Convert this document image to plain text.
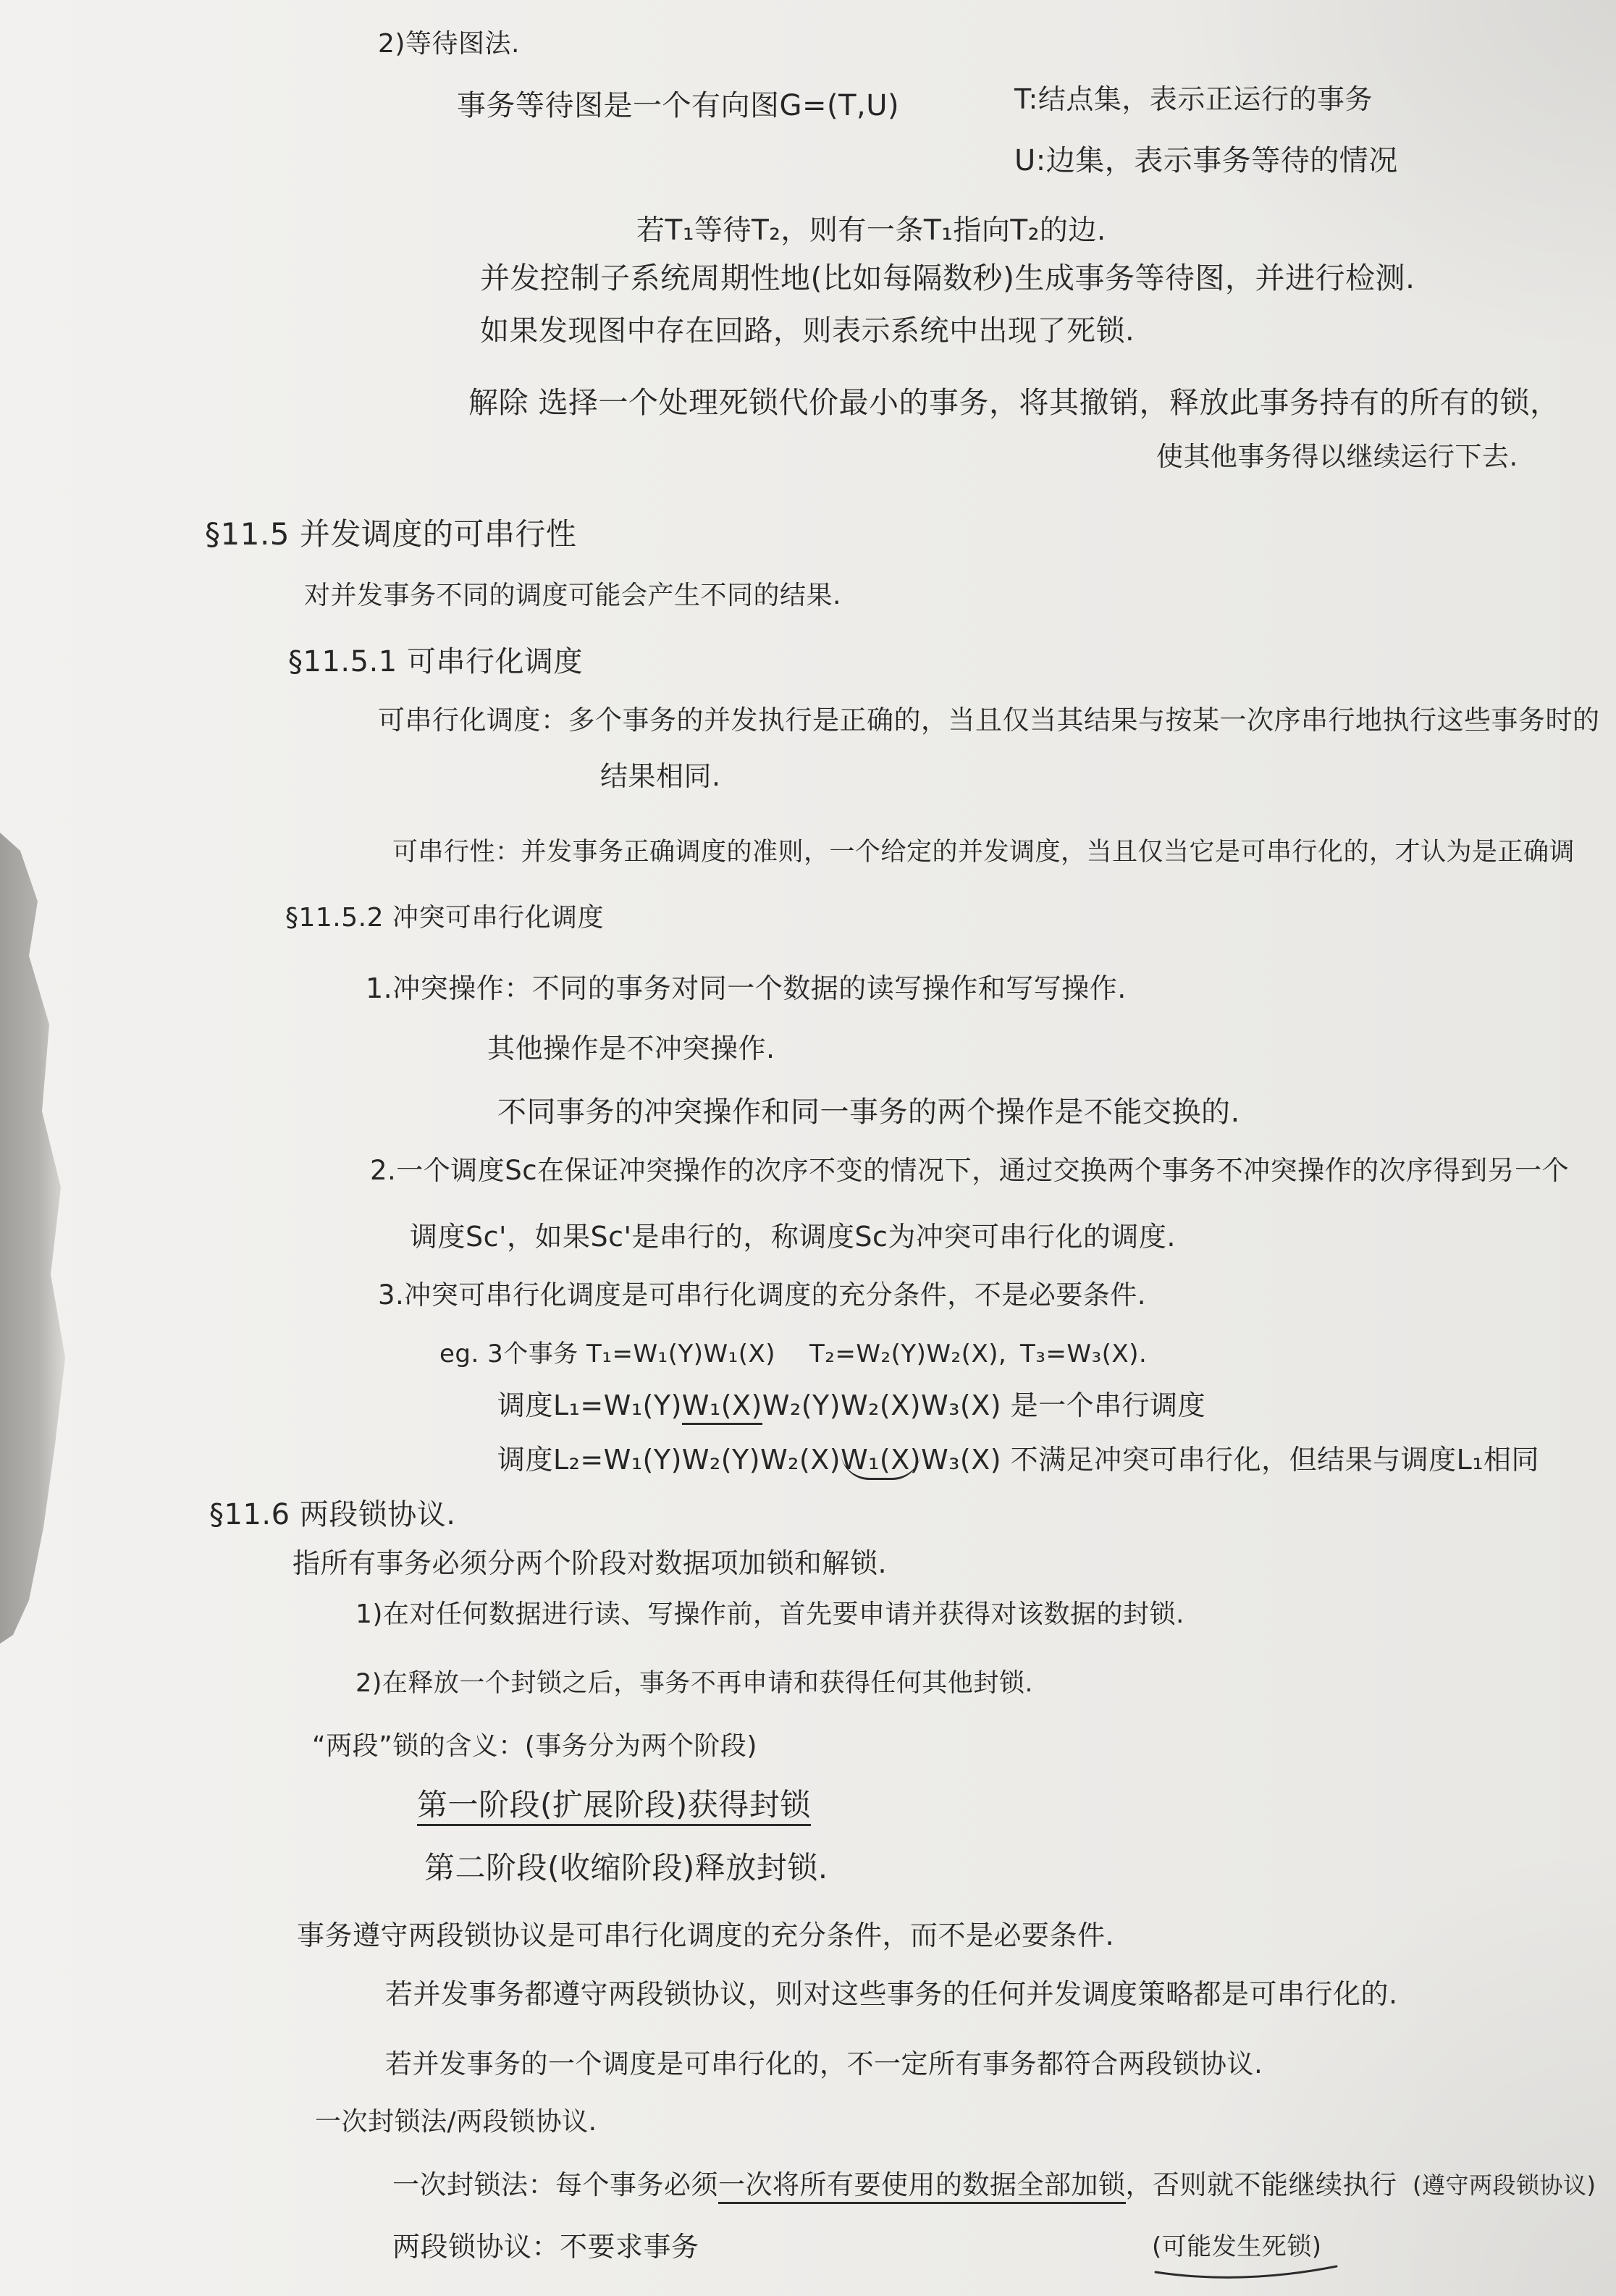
2)等待图法.
事务等待图是一个有向图G=(T,U)	T:结点集，表示正运行的事务
U:边集，表示事务等待的情况
若T₁等待T₂，则有一条T₁指向T₂的边.
并发控制子系统周期性地(比如每隔数秒)生成事务等待图，并进行检测.
如果发现图中存在回路，则表示系统中出现了死锁.
解除 选择一个处理死锁代价最小的事务，将其撤销，释放此事务持有的所有的锁，
使其他事务得以继续运行下去.
§11.5 并发调度的可串行性
对并发事务不同的调度可能会产生不同的结果.
§11.5.1 可串行化调度
可串行化调度：多个事务的并发执行是正确的，当且仅当其结果与按某一次序串行地执行这些事务时的
结果相同.
可串行性：并发事务正确调度的准则，一个给定的并发调度，当且仅当它是可串行化的，才认为是正确调
§11.5.2 冲突可串行化调度
1.冲突操作：不同的事务对同一个数据的读写操作和写写操作.
其他操作是不冲突操作.
不同事务的冲突操作和同一事务的两个操作是不能交换的.
2.一个调度Sc在保证冲突操作的次序不变的情况下，通过交换两个事务不冲突操作的次序得到另一个
调度Sc'，如果Sc'是串行的，称调度Sc为冲突可串行化的调度.
3.冲突可串行化调度是可串行化调度的充分条件，不是必要条件.
eg. 3个事务 T₁=W₁(Y)W₁(X) T₂=W₂(Y)W₂(X), T₃=W₃(X).
调度L₁=W₁(Y)W₁(X)W₂(Y)W₂(X)W₃(X) 是一个串行调度
调度L₂=W₁(Y)W₂(Y)W₂(X)W₁(X)W₃(X) 不满足冲突可串行化，但结果与调度L₁相同
§11.6 两段锁协议.
指所有事务必须分两个阶段对数据项加锁和解锁.
1)在对任何数据进行读、写操作前，首先要申请并获得对该数据的封锁.
2)在释放一个封锁之后，事务不再申请和获得任何其他封锁.
“两段”锁的含义：(事务分为两个阶段)
第一阶段(扩展阶段)获得封锁
第二阶段(收缩阶段)释放封锁.
事务遵守两段锁协议是可串行化调度的充分条件，而不是必要条件.
若并发事务都遵守两段锁协议，则对这些事务的任何并发调度策略都是可串行化的.
若并发事务的一个调度是可串行化的，不一定所有事务都符合两段锁协议.
一次封锁法/两段锁协议.
一次封锁法：每个事务必须一次将所有要使用的数据全部加锁，否则就不能继续执行 (遵守两段锁协议)
两段锁协议：不要求事务	(可能发生死锁)
